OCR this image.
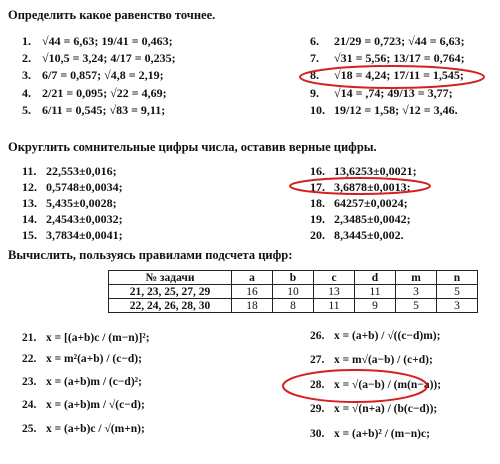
Определить какое равенство точнее.
1. √44 = 6,63; 19/41 = 0,463;
2. √10,5 = 3,24; 4/17 = 0,235;
3. 6/7 = 0,857; √4,8 = 2,19;
4. 2/21 = 0,095; √22 = 4,69;
5. 6/11 = 0,545; √83 = 9,11;
6. 21/29 = 0,723; √44 = 6,63;
7. √31 = 5,56; 13/17 = 0,764;
8. √18 = 4,24; 17/11 = 1,545;
9. √14 = ,74; 49/13 = 3,77;
10. 19/12 = 1,58; √12 = 3,46.
Округлить сомнительные цифры числа, оставив верные цифры.
11. 22,553±0,016;
12. 0,5748±0,0034;
13. 5,435±0,0028;
14. 2,4543±0,0032;
15. 3,7834±0,0041;
16. 13,6253±0,0021;
17. 3,6878±0,0013;
18. 64257±0,0024;
19. 2,3485±0,0042;
20. 8,3445±0,002.
Вычислить, пользуясь правилами подсчета цифр:
№ задачи	a	b	c	d	m	n
21, 23, 25, 27, 29	16	10	13	11	3	5
22, 24, 26, 28, 30	18	8	11	9	5	3
21. x = [(a+b)c / (m−n)]²;
22. x = m²(a+b) / (c−d);
23. x = (a+b)m / (c−d)²;
24. x = (a+b)m / √(c−d);
25. x = (a+b)c / √(m+n);
26. x = (a+b) / √((c−d)m);
27. x = m√(a−b) / (c+d);
28. x = √(a−b) / (m(n−a));
29. x = √(n+a) / (b(c−d));
30. x = (a+b)² / (m−n)c;
